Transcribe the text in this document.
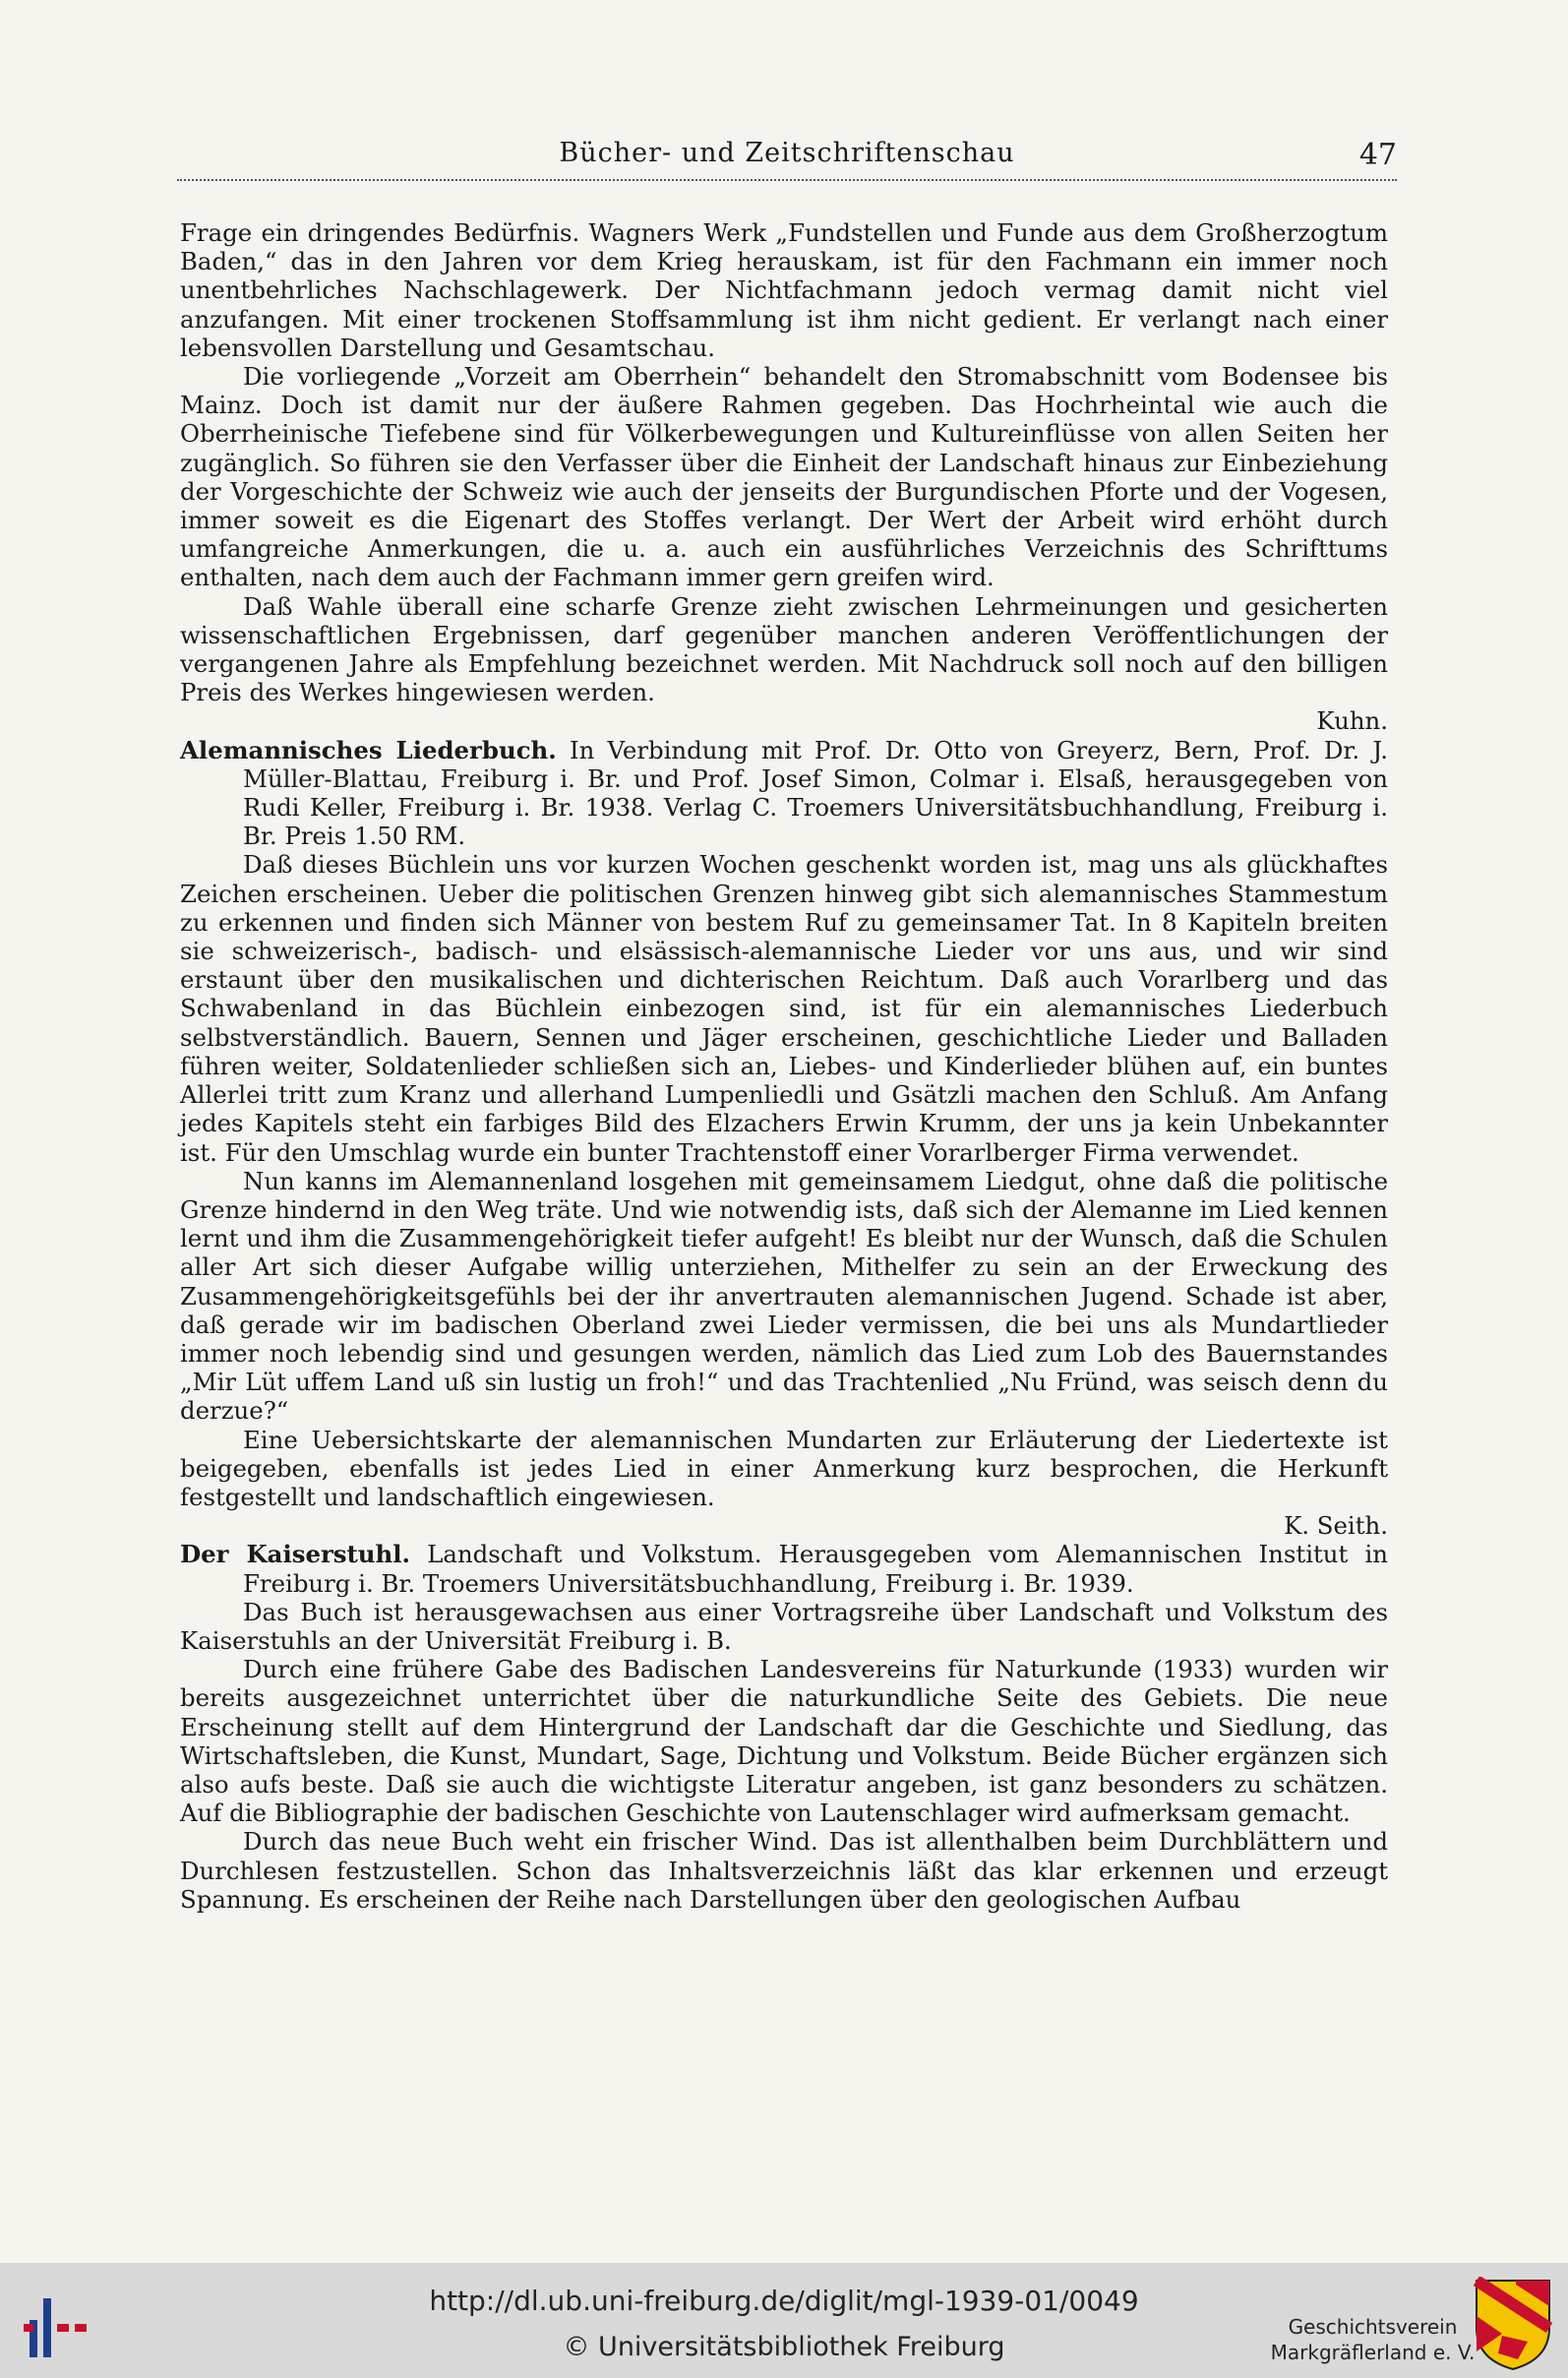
Bücher- und Zeitschriftenschau	47

Frage ein dringendes Bedürfnis. Wagners Werk „Fundstellen und Funde aus dem Großherzogtum Baden,“ das in den Jahren vor dem Krieg herauskam, ist für den Fachmann ein immer noch unentbehrliches Nachschlagewerk. Der Nichtfachmann jedoch vermag damit nicht viel anzufangen. Mit einer trockenen Stoffsammlung ist ihm nicht gedient. Er verlangt nach einer lebensvollen Darstellung und Gesamtschau.

Die vorliegende „Vorzeit am Oberrhein“ behandelt den Stromabschnitt vom Bodensee bis Mainz. Doch ist damit nur der äußere Rahmen gegeben. Das Hochrheintal wie auch die Oberrheinische Tiefebene sind für Völkerbewegungen und Kultureinflüsse von allen Seiten her zugänglich. So führen sie den Verfasser über die Einheit der Landschaft hinaus zur Einbeziehung der Vorgeschichte der Schweiz wie auch der jenseits der Burgundischen Pforte und der Vogesen, immer soweit es die Eigenart des Stoffes verlangt. Der Wert der Arbeit wird erhöht durch umfangreiche Anmerkungen, die u. a. auch ein ausführliches Verzeichnis des Schrifttums enthalten, nach dem auch der Fachmann immer gern greifen wird.

Daß Wahle überall eine scharfe Grenze zieht zwischen Lehrmeinungen und gesicherten wissenschaftlichen Ergebnissen, darf gegenüber manchen anderen Veröffentlichungen der vergangenen Jahre als Empfehlung bezeichnet werden. Mit Nachdruck soll noch auf den billigen Preis des Werkes hingewiesen werden.

Kuhn.

Alemannisches Liederbuch. In Verbindung mit Prof. Dr. Otto von Greyerz, Bern, Prof. Dr. J. Müller-Blattau, Freiburg i. Br. und Prof. Josef Simon, Colmar i. Elsaß, herausgegeben von Rudi Keller, Freiburg i. Br. 1938. Verlag C. Troemers Universitätsbuchhandlung, Freiburg i. Br. Preis 1.50 RM.

Daß dieses Büchlein uns vor kurzen Wochen geschenkt worden ist, mag uns als glückhaftes Zeichen erscheinen. Ueber die politischen Grenzen hinweg gibt sich alemannisches Stammestum zu erkennen und finden sich Männer von bestem Ruf zu gemeinsamer Tat. In 8 Kapiteln breiten sie schweizerisch-, badisch- und elsässisch-alemannische Lieder vor uns aus, und wir sind erstaunt über den musikalischen und dichterischen Reichtum. Daß auch Vorarlberg und das Schwabenland in das Büchlein einbezogen sind, ist für ein alemannisches Liederbuch selbstverständlich. Bauern, Sennen und Jäger erscheinen, geschichtliche Lieder und Balladen führen weiter, Soldatenlieder schließen sich an, Liebes- und Kinderlieder blühen auf, ein buntes Allerlei tritt zum Kranz und allerhand Lumpenliedli und Gsätzli machen den Schluß. Am Anfang jedes Kapitels steht ein farbiges Bild des Elzachers Erwin Krumm, der uns ja kein Unbekannter ist. Für den Umschlag wurde ein bunter Trachtenstoff einer Vorarlberger Firma verwendet.

Nun kanns im Alemannenland losgehen mit gemeinsamem Liedgut, ohne daß die politische Grenze hindernd in den Weg träte. Und wie notwendig ists, daß sich der Alemanne im Lied kennen lernt und ihm die Zusammengehörigkeit tiefer aufgeht! Es bleibt nur der Wunsch, daß die Schulen aller Art sich dieser Aufgabe willig unterziehen, Mithelfer zu sein an der Erweckung des Zusammengehörigkeitsgefühls bei der ihr anvertrauten alemannischen Jugend. Schade ist aber, daß gerade wir im badischen Oberland zwei Lieder vermissen, die bei uns als Mundartlieder immer noch lebendig sind und gesungen werden, nämlich das Lied zum Lob des Bauernstandes „Mir Lüt uffem Land uß sin lustig un froh!“ und das Trachtenlied „Nu Fründ, was seisch denn du derzue?“

Eine Uebersichtskarte der alemannischen Mundarten zur Erläuterung der Liedertexte ist beigegeben, ebenfalls ist jedes Lied in einer Anmerkung kurz besprochen, die Herkunft festgestellt und landschaftlich eingewiesen.

K. Seith.

Der Kaiserstuhl. Landschaft und Volkstum. Herausgegeben vom Alemannischen Institut in Freiburg i. Br. Troemers Universitätsbuchhandlung, Freiburg i. Br. 1939.

Das Buch ist herausgewachsen aus einer Vortragsreihe über Landschaft und Volkstum des Kaiserstuhls an der Universität Freiburg i. B.

Durch eine frühere Gabe des Badischen Landesvereins für Naturkunde (1933) wurden wir bereits ausgezeichnet unterrichtet über die naturkundliche Seite des Gebiets. Die neue Erscheinung stellt auf dem Hintergrund der Landschaft dar die Geschichte und Siedlung, das Wirtschaftsleben, die Kunst, Mundart, Sage, Dichtung und Volkstum. Beide Bücher ergänzen sich also aufs beste. Daß sie auch die wichtigste Literatur angeben, ist ganz besonders zu schätzen. Auf die Bibliographie der badischen Geschichte von Lautenschlager wird aufmerksam gemacht.

Durch das neue Buch weht ein frischer Wind. Das ist allenthalben beim Durchblättern und Durchlesen festzustellen. Schon das Inhaltsverzeichnis läßt das klar erkennen und erzeugt Spannung. Es erscheinen der Reihe nach Darstellungen über den geologischen Aufbau

http://dl.ub.uni-freiburg.de/diglit/mgl-1939-01/0049
© Universitätsbibliothek Freiburg
Geschichtsverein
Markgräflerland e. V.
